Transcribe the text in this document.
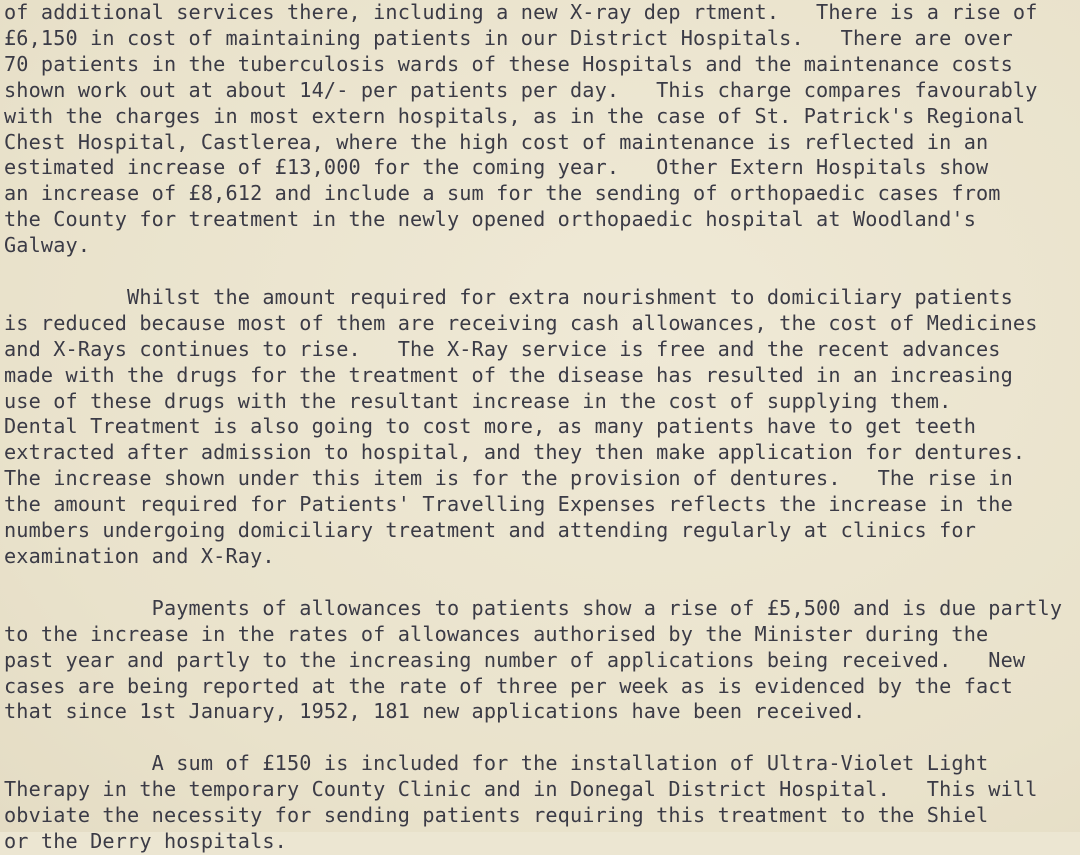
of additional services there, including a new X-ray dep rtment.   There is a rise of
£6,150 in cost of maintaining patients in our District Hospitals.   There are over
70 patients in the tuberculosis wards of these Hospitals and the maintenance costs
shown work out at about 14/- per patients per day.   This charge compares favourably
with the charges in most extern hospitals, as in the case of St. Patrick's Regional
Chest Hospital, Castlerea, where the high cost of maintenance is reflected in an
estimated increase of £13,000 for the coming year.   Other Extern Hospitals show
an increase of £8,612 and include a sum for the sending of orthopaedic cases from
the County for treatment in the newly opened orthopaedic hospital at Woodland's
Galway.
Whilst the amount required for extra nourishment to domiciliary patients
is reduced because most of them are receiving cash allowances, the cost of Medicines
and X-Rays continues to rise.   The X-Ray service is free and the recent advances
made with the drugs for the treatment of the disease has resulted in an increasing
use of these drugs with the resultant increase in the cost of supplying them.
Dental Treatment is also going to cost more, as many patients have to get teeth
extracted after admission to hospital, and they then make application for dentures.
The increase shown under this item is for the provision of dentures.   The rise in
the amount required for Patients' Travelling Expenses reflects the increase in the
numbers undergoing domiciliary treatment and attending regularly at clinics for
examination and X-Ray.
Payments of allowances to patients show a rise of £5,500 and is due partly
to the increase in the rates of allowances authorised by the Minister during the
past year and partly to the increasing number of applications being received.   New
cases are being reported at the rate of three per week as is evidenced by the fact
that since 1st January, 1952, 181 new applications have been received.
A sum of £150 is included for the installation of Ultra-Violet Light
Therapy in the temporary County Clinic and in Donegal District Hospital.   This will
obviate the necessity for sending patients requiring this treatment to the Shiel
or the Derry hospitals.
